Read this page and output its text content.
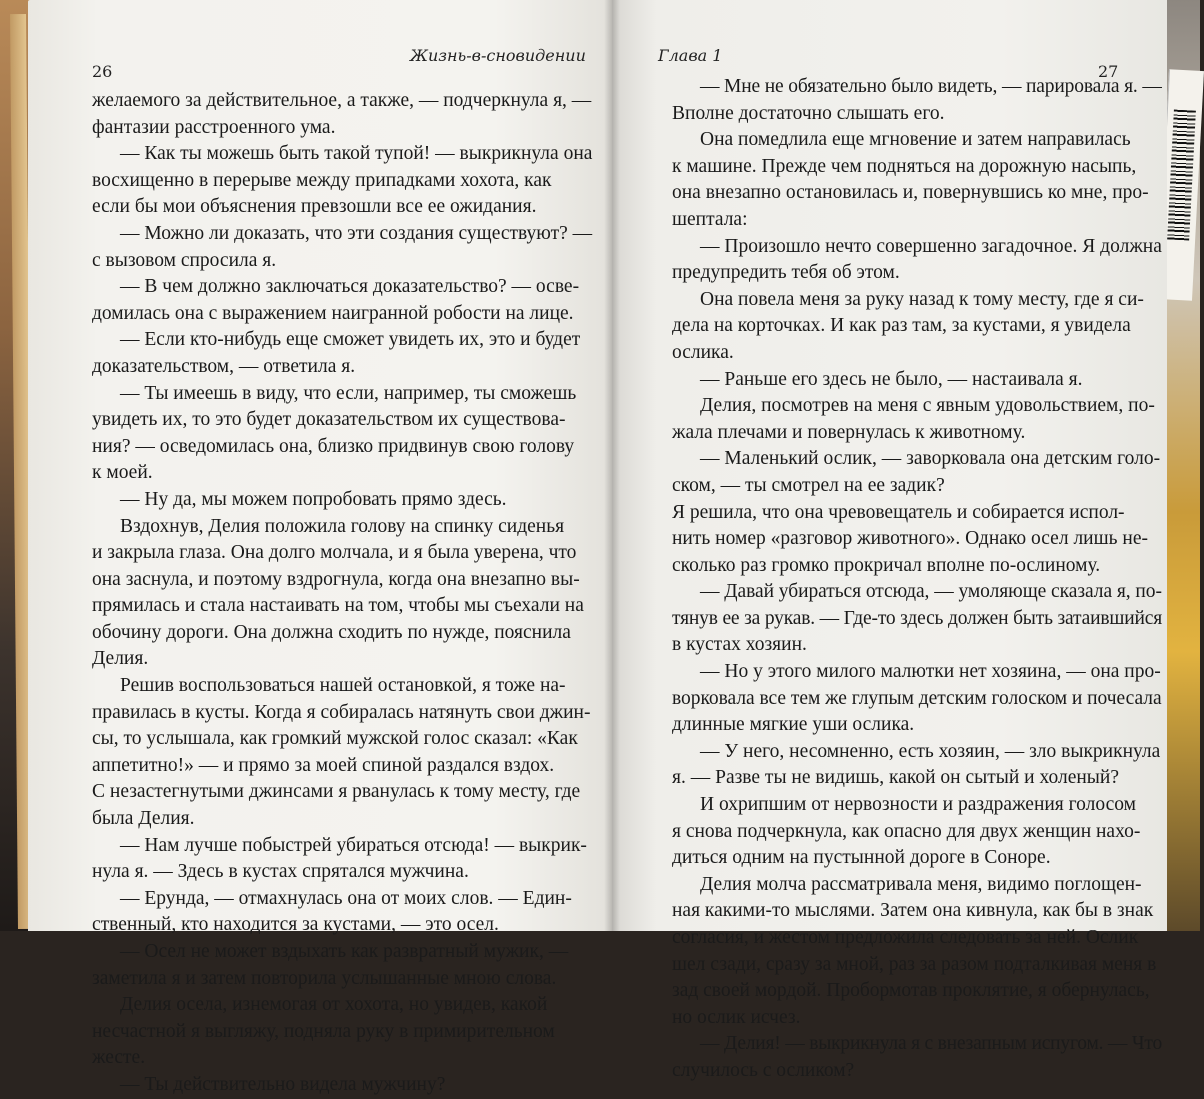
26
Жизнь-в-сновидении
желаемого за действительное, а также, — подчеркнула я, —
фантазии расстроенного ума.
— Как ты можешь быть такой тупой! — выкрикнула она
восхищенно в перерыве между припадками хохота, как
если бы мои объяснения превзошли все ее ожидания.
— Можно ли доказать, что эти создания существуют? —
с вызовом спросила я.
— В чем должно заключаться доказательство? — осве-
домилась она с выражением наигранной робости на лице.
— Если кто-нибудь еще сможет увидеть их, это и будет
доказательством, — ответила я.
— Ты имеешь в виду, что если, например, ты сможешь
увидеть их, то это будет доказательством их существова-
ния? — осведомилась она, близко придвинув свою голову
к моей.
— Ну да, мы можем попробовать прямо здесь.
Вздохнув, Делия положила голову на спинку сиденья
и закрыла глаза. Она долго молчала, и я была уверена, что
она заснула, и поэтому вздрогнула, когда она внезапно вы-
прямилась и стала настаивать на том, чтобы мы съехали на
обочину дороги. Она должна сходить по нужде, пояснила
Делия.
Решив воспользоваться нашей остановкой, я тоже на-
правилась в кусты. Когда я собиралась натянуть свои джин-
сы, то услышала, как громкий мужской голос сказал: «Как
аппетитно!» — и прямо за моей спиной раздался вздох.
С незастегнутыми джинсами я рванулась к тому месту, где
была Делия.
— Нам лучше побыстрей убираться отсюда! — выкрик-
нула я. — Здесь в кустах спрятался мужчина.
— Ерунда, — отмахнулась она от моих слов. — Един-
ственный, кто находится за кустами, — это осел.
— Осел не может вздыхать как развратный мужик, —
заметила я и затем повторила услышанные мною слова.
Делия осела, изнемогая от хохота, но увидев, какой
несчастной я выгляжу, подняла руку в примирительном
жесте.
— Ты действительно видела мужчину?
Глава 1
27
— Мне не обязательно было видеть, — парировала я. —
Вполне достаточно слышать его.
Она помедлила еще мгновение и затем направилась
к машине. Прежде чем подняться на дорожную насыпь,
она внезапно остановилась и, повернувшись ко мне, про-
шептала:
— Произошло нечто совершенно загадочное. Я должна
предупредить тебя об этом.
Она повела меня за руку назад к тому месту, где я си-
дела на корточках. И как раз там, за кустами, я увидела
ослика.
— Раньше его здесь не было, — настаивала я.
Делия, посмотрев на меня с явным удовольствием, по-
жала плечами и повернулась к животному.
— Маленький ослик, — заворковала она детским голо-
ском, — ты смотрел на ее задик?
Я решила, что она чревовещатель и собирается испол-
нить номер «разговор животного». Однако осел лишь не-
сколько раз громко прокричал вполне по-ослиному.
— Давай убираться отсюда, — умоляюще сказала я, по-
тянув ее за рукав. — Где-то здесь должен быть затаившийся
в кустах хозяин.
— Но у этого милого малютки нет хозяина, — она про-
ворковала все тем же глупым детским голоском и почесала
длинные мягкие уши ослика.
— У него, несомненно, есть хозяин, — зло выкрикнула
я. — Разве ты не видишь, какой он сытый и холеный?
И охрипшим от нервозности и раздражения голосом
я снова подчеркнула, как опасно для двух женщин нахо-
диться одним на пустынной дороге в Соноре.
Делия молча рассматривала меня, видимо поглощен-
ная какими-то мыслями. Затем она кивнула, как бы в знак
согласия, и жестом предложила следовать за ней. Ослик
шел сзади, сразу за мной, раз за разом подталкивая меня в
зад своей мордой. Пробормотав проклятие, я обернулась,
но ослик исчез.
— Делия! — выкрикнула я с внезапным испугом. — Что
случилось с осликом?
